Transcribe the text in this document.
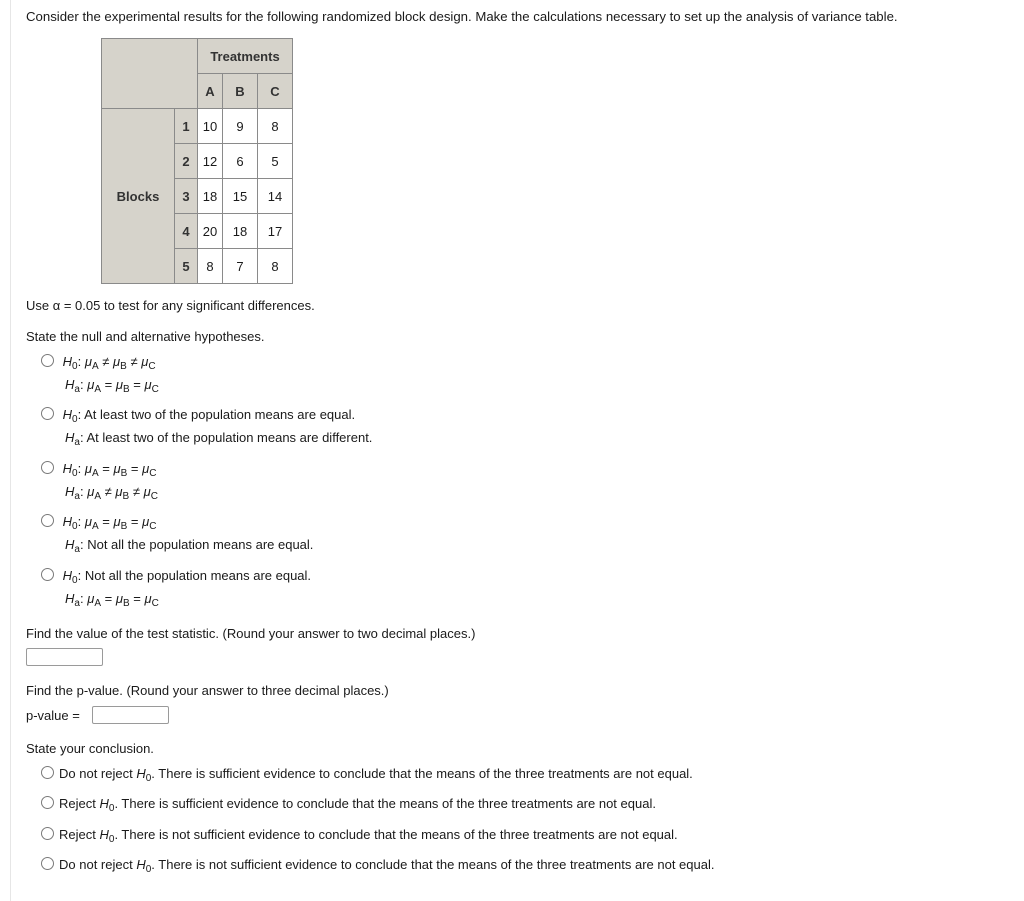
Consider the experimental results for the following randomized block design. Make the calculations necessary to set up the analysis of variance table.
		Treatments		
		A	B	C
Blocks	1	10	9	8
	2	12	6	5
	3	18	15	14
	4	20	18	17
	5	8	7	8
Use α = 0.05 to test for any significant differences.
State the null and alternative hypotheses.
$H_0$: $\mu_A \ne \mu_B \ne \mu_C$
$H_a$: $\mu_A = \mu_B = \mu_C$
$H_0$: At least two of the population means are equal.
$H_a$: At least two of the population means are different.
$H_0$: $\mu_A = \mu_B = \mu_C$
$H_a$: $\mu_A \ne \mu_B \ne \mu_C$
$H_0$: $\mu_A = \mu_B = \mu_C$
$H_a$: Not all the population means are equal.
$H_0$: Not all the population means are equal.
$H_a$: $\mu_A = \mu_B = \mu_C$
Find the value of the test statistic. (Round your answer to two decimal places.)
Find the p-value. (Round your answer to three decimal places.)
p-value =
State your conclusion.
Do not reject $H_0$. There is sufficient evidence to conclude that the means of the three treatments are not equal.
Reject $H_0$. There is sufficient evidence to conclude that the means of the three treatments are not equal.
Reject $H_0$. There is not sufficient evidence to conclude that the means of the three treatments are not equal.
Do not reject $H_0$. There is not sufficient evidence to conclude that the means of the three treatments are not equal.
